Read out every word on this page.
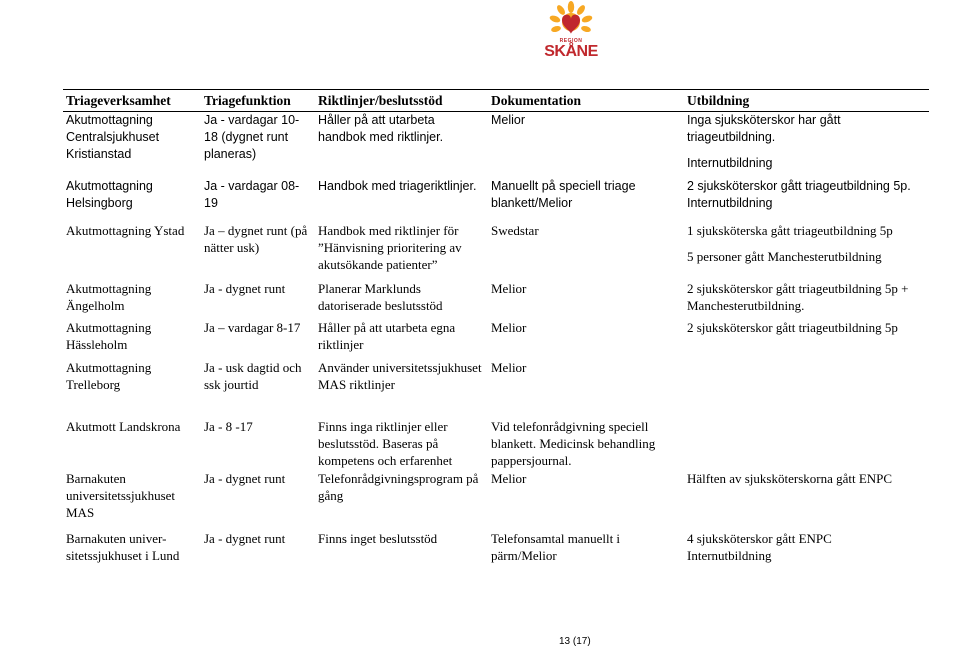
REGION
SKÅNE
Triageverksamhet	Triagefunktion	Riktlinjer/beslutsstöd	Dokumentation	Utbildning
Akutmottagning Centralsjukhuset Kristianstad	Ja - vardagar 10-18 (dygnet runt planeras)	Håller på att utarbeta handbok med riktlinjer.	Melior	Inga sjuksköterskor har gått triageutbildning.
Internutbildning

Akutmottagning Helsingborg	Ja - vardagar 08-19	Handbok med triageriktlinjer.	Manuellt på speciell triage blankett/Melior	2 sjuksköterskor gått triageutbildning 5p.
Internutbildning

Akutmottagning Ystad	Ja – dygnet runt (på nätter usk)	Handbok med riktlinjer för ”Hänvisning prioritering av akutsökande patienter”	Swedstar	1 sjuksköterska gått triageutbildning 5p
5 personer gått Manchesterutbildning

Akutmottagning Ängelholm	Ja - dygnet runt	Planerar Marklunds datoriserade beslutsstöd	Melior	2 sjuksköterskor gått triageutbildning 5p + Manchesterutbildning.
Akutmottagning Hässleholm	Ja – vardagar 8-17	Håller på att utarbeta egna riktlinjer	Melior	2 sjuksköterskor gått triageutbildning 5p
Akutmottagning Trelleborg	Ja - usk dagtid och ssk jourtid	Använder universitetssjukhuset MAS riktlinjer	Melior	
Akutmott Landskrona	Ja - 8 -17	Finns inga riktlinjer eller beslutsstöd. Baseras på kompetens och erfarenhet	Vid telefonrådgivning speciell blankett. Medicinsk behandling pappersjournal.	
Barnakuten universitetssjukhuset MAS	Ja - dygnet runt	Telefonrådgivningsprogram på gång	Melior	Hälften av sjuksköterskorna gått ENPC
Barnakuten univer-sitetssjukhuset i Lund	Ja - dygnet runt	Finns inget beslutsstöd	Telefonsamtal manuellt i pärm/Melior	4 sjuksköterskor gått ENPC
Internutbildning
13 (17)
